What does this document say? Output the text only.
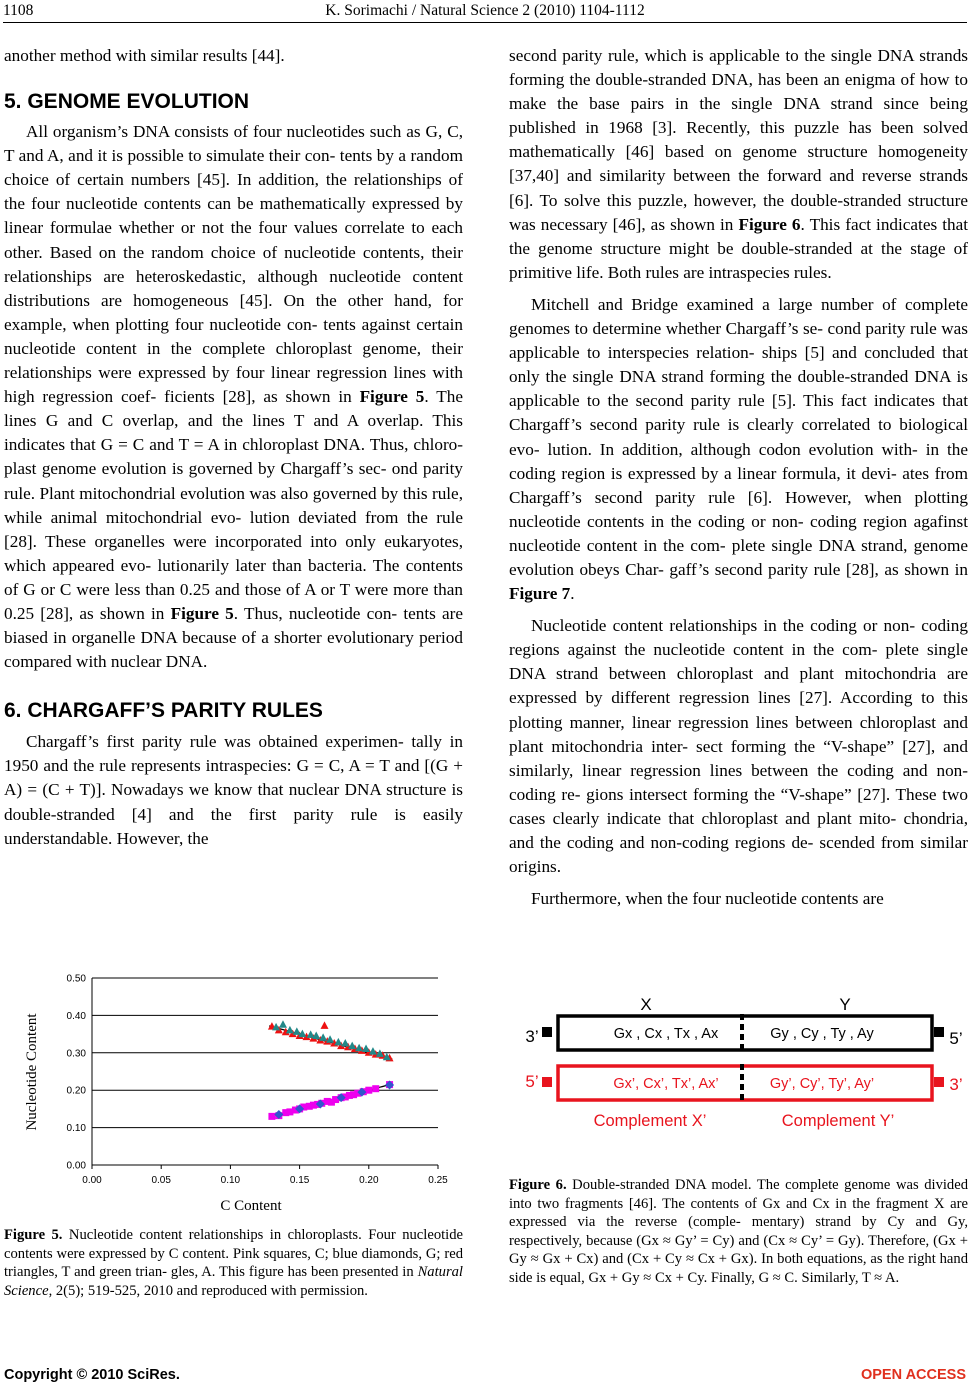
1108	K. Sorimachi / Natural Science 2 (2010) 1104-1112

another method with similar results [44].

5. GENOME EVOLUTION

All organism’s DNA consists of four nucleotides such as G, C, T and A, and it is possible to simulate their con- tents by a random choice of certain numbers [45]. In addition, the relationships of the four nucleotide contents can be mathematically expressed by linear formulae whether or not the four values correlate to each other. Based on the random choice of nucleotide contents, their relationships are heteroskedastic, although nucleotide content distributions are homogeneous [45]. On the other hand, for example, when plotting four nucleotide con- tents against certain nucleotide content in the complete chloroplast genome, their relationships were expressed by four linear regression lines with high regression coef- ficients [28], as shown in Figure 5. The lines G and C overlap, and the lines T and A overlap. This indicates that G = C and T = A in chloroplast DNA. Thus, chloro- plast genome evolution is governed by Chargaff’s sec- ond parity rule. Plant mitochondrial evolution was also governed by this rule, while animal mitochondrial evo- lution deviated from the rule [28]. These organelles were incorporated into only eukaryotes, which appeared evo- lutionarily later than bacteria. The contents of G or C were less than 0.25 and those of A or T were more than 0.25 [28], as shown in Figure 5. Thus, nucleotide con- tents are biased in organelle DNA because of a shorter evolutionary period compared with nuclear DNA.

6. CHARGAFF’S PARITY RULES

Chargaff’s first parity rule was obtained experimen- tally in 1950 and the rule represents intraspecies: G = C, A = T and [(G + A) = (C + T)]. Nowadays we know that nuclear DNA structure is double-stranded [4] and the first parity rule is easily understandable. However, the

0.00
0.10
0.20
0.30
0.40
0.50
0.00	0.05	0.10	0.15	0.20	0.25
Nucleotide Content
C Content
Figure 5. Nucleotide content relationships in chloroplasts. Four nucleotide contents were expressed by C content. Pink squares, C; blue diamonds, G; red triangles, T and green trian- gles, A. This figure has been presented in Natural Science, 2(5); 519-525, 2010 and reproduced with permission.

second parity rule, which is applicable to the single DNA strands forming the double-stranded DNA, has been an enigma of how to make the base pairs in the single DNA strand since being published in 1968 [3]. Recently, this puzzle has been solved mathematically [46] based on genome structure homogeneity [37,40] and similarity between the forward and reverse strands [6]. To solve this puzzle, however, the double-stranded structure was necessary [46], as shown in Figure 6. This fact indicates that the genome structure might be double-stranded at the stage of primitive life. Both rules are intraspecies rules.

Mitchell and Bridge examined a large number of complete genomes to determine whether Chargaff’s se- cond parity rule was applicable to interspecies relation- ships [5] and concluded that only the single DNA strand forming the double-stranded DNA is applicable to the second parity rule [5]. This fact indicates that Chargaff’s second parity rule is clearly correlated to biological evo- lution. In addition, although codon evolution with- in the coding region is expressed by a linear formula, it devi- ates from Chargaff’s second parity rule [6]. However, when plotting nucleotide contents in the coding or non- coding region agafinst nucleotide content in the com- plete single DNA strand, genome evolution obeys Char- gaff’s second parity rule [28], as shown in Figure 7.

Nucleotide content relationships in the coding or non- coding regions against the nucleotide content in the com- plete single DNA strand between chloroplast and plant mitochondria are expressed by different regression lines [27]. According to this plotting manner, linear regression lines between chloroplast and plant mitochondria inter- sect forming the “V-shape” [27], and similarly, linear regression lines between the coding and non-coding re- gions intersect forming the “V-shape” [27]. These two cases clearly indicate that chloroplast and plant mito- chondria, and the coding and non-coding regions de- scended from similar origins.

Furthermore, when the four nucleotide contents are

X	Y
Gx , Cx , Tx , Ax	Gy , Cy , Ty , Ay
3’	5’
Gx’, Cx’, Tx’, Ax’	Gy’, Cy’, Ty’, Ay’
5’	3’
Complement X’	Complement Y’
Figure 6. Double-stranded DNA model. The complete genome was divided into two fragments [46]. The contents of Gx and Cx in the fragment X are expressed via the reverse (comple- mentary) strand by Cy and Gy, respectively, because (Gx ≈ Gy’ = Cy) and (Cx ≈ Cy’ = Gy). Therefore, (Gx + Gy ≈ Gx + Cx) and (Cx + Cy ≈ Cx + Gx). In both equations, as the right hand side is equal, Gx + Gy ≈ Cx + Cy. Finally, G ≈ C. Similarly, T ≈ A.
Copyright © 2010 SciRes.	OPEN ACCESS
